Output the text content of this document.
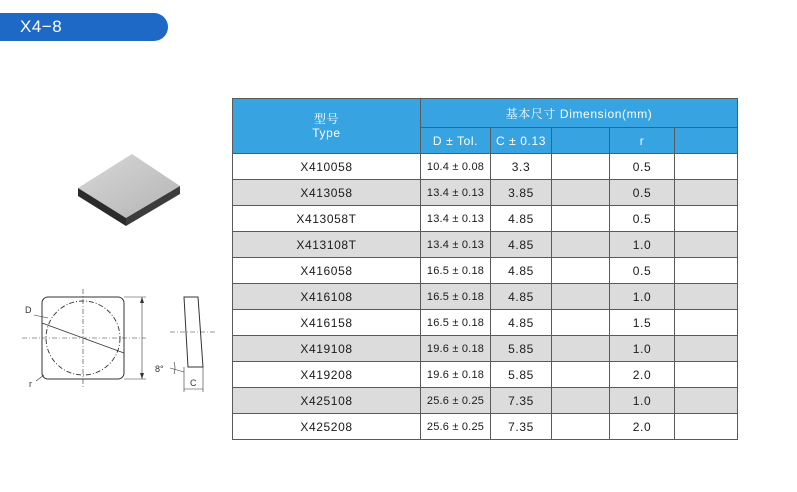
X4−8
D
r
8°
C
型号
Type	基本尺寸 Dimension(mm)				
	D ± Tol.	C ± 0.13		r	
X410058	10.4 ± 0.08	3.3		0.5	
X413058	13.4 ± 0.13	3.85		0.5	
X413058T	13.4 ± 0.13	4.85		0.5	
X413108T	13.4 ± 0.13	4.85		1.0	
X416058	16.5 ± 0.18	4.85		0.5	
X416108	16.5 ± 0.18	4.85		1.0	
X416158	16.5 ± 0.18	4.85		1.5	
X419108	19.6 ± 0.18	5.85		1.0	
X419208	19.6 ± 0.18	5.85		2.0	
X425108	25.6 ± 0.25	7.35		1.0	
X425208	25.6 ± 0.25	7.35		2.0	
